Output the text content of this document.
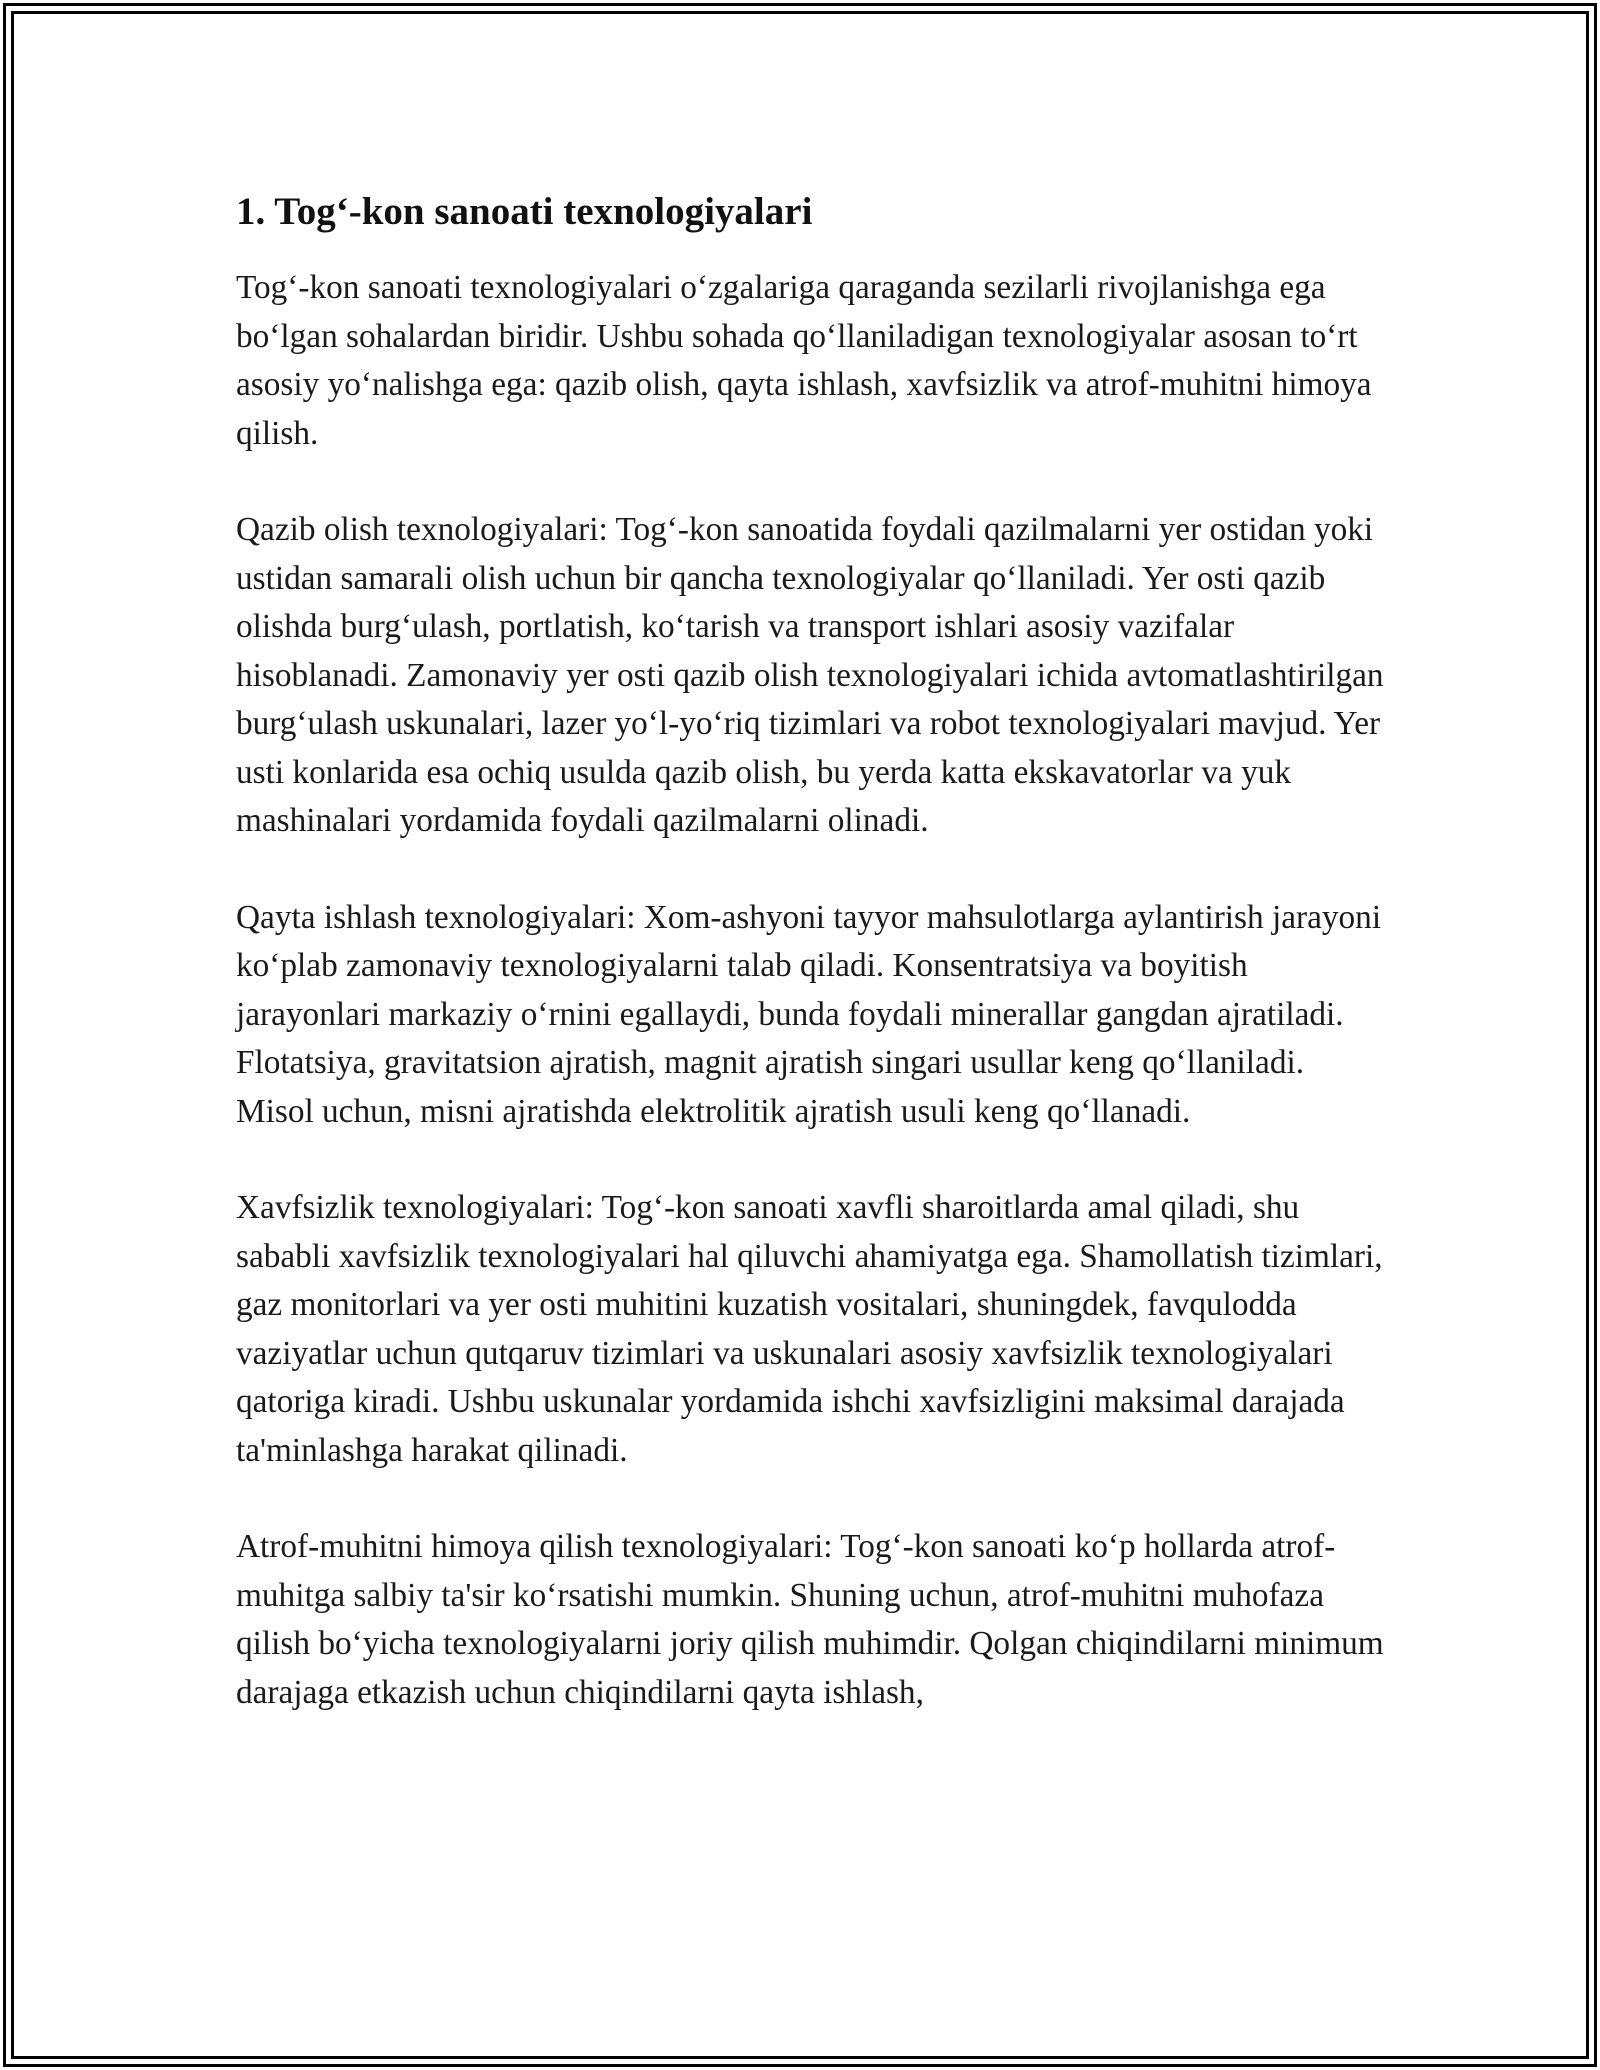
1. Tog‘-kon sanoati texnologiyalari

Tog‘-kon sanoati texnologiyalari o‘zgalariga qaraganda sezilarli rivojlanishga ega bo‘lgan sohalardan biridir. Ushbu sohada qo‘llaniladigan texnologiyalar asosan to‘rt asosiy yo‘nalishga ega: qazib olish, qayta ishlash, xavfsizlik va atrof-muhitni himoya qilish.

Qazib olish texnologiyalari: Tog‘-kon sanoatida foydali qazilmalarni yer ostidan yoki ustidan samarali olish uchun bir qancha texnologiyalar qo‘llaniladi. Yer osti qazib olishda burg‘ulash, portlatish, ko‘tarish va transport ishlari asosiy vazifalar hisoblanadi. Zamonaviy yer osti qazib olish texnologiyalari ichida avtomatlashtirilgan burg‘ulash uskunalari, lazer yo‘l-yo‘riq tizimlari va robot texnologiyalari mavjud. Yer usti konlarida esa ochiq usulda qazib olish, bu yerda katta ekskavatorlar va yuk mashinalari yordamida foydali qazilmalarni olinadi.

Qayta ishlash texnologiyalari: Xom-ashyoni tayyor mahsulotlarga aylantirish jarayoni ko‘plab zamonaviy texnologiyalarni talab qiladi. Konsentratsiya va boyitish jarayonlari markaziy o‘rnini egallaydi, bunda foydali minerallar gangdan ajratiladi. Flotatsiya, gravitatsion ajratish, magnit ajratish singari usullar keng qo‘llaniladi. Misol uchun, misni ajratishda elektrolitik ajratish usuli keng qo‘llanadi.

Xavfsizlik texnologiyalari: Tog‘-kon sanoati xavfli sharoitlarda amal qiladi, shu sababli xavfsizlik texnologiyalari hal qiluvchi ahamiyatga ega. Shamollatish tizimlari, gaz monitorlari va yer osti muhitini kuzatish vositalari, shuningdek, favqulodda vaziyatlar uchun qutqaruv tizimlari va uskunalari asosiy xavfsizlik texnologiyalari qatoriga kiradi. Ushbu uskunalar yordamida ishchi xavfsizligini maksimal darajada ta'minlashga harakat qilinadi.

Atrof-muhitni himoya qilish texnologiyalari: Tog‘-kon sanoati ko‘p hollarda atrof-muhitga salbiy ta'sir ko‘rsatishi mumkin. Shuning uchun, atrof-muhitni muhofaza qilish bo‘yicha texnologiyalarni joriy qilish muhimdir. Qolgan chiqindilarni minimum darajaga etkazish uchun chiqindilarni qayta ishlash,
